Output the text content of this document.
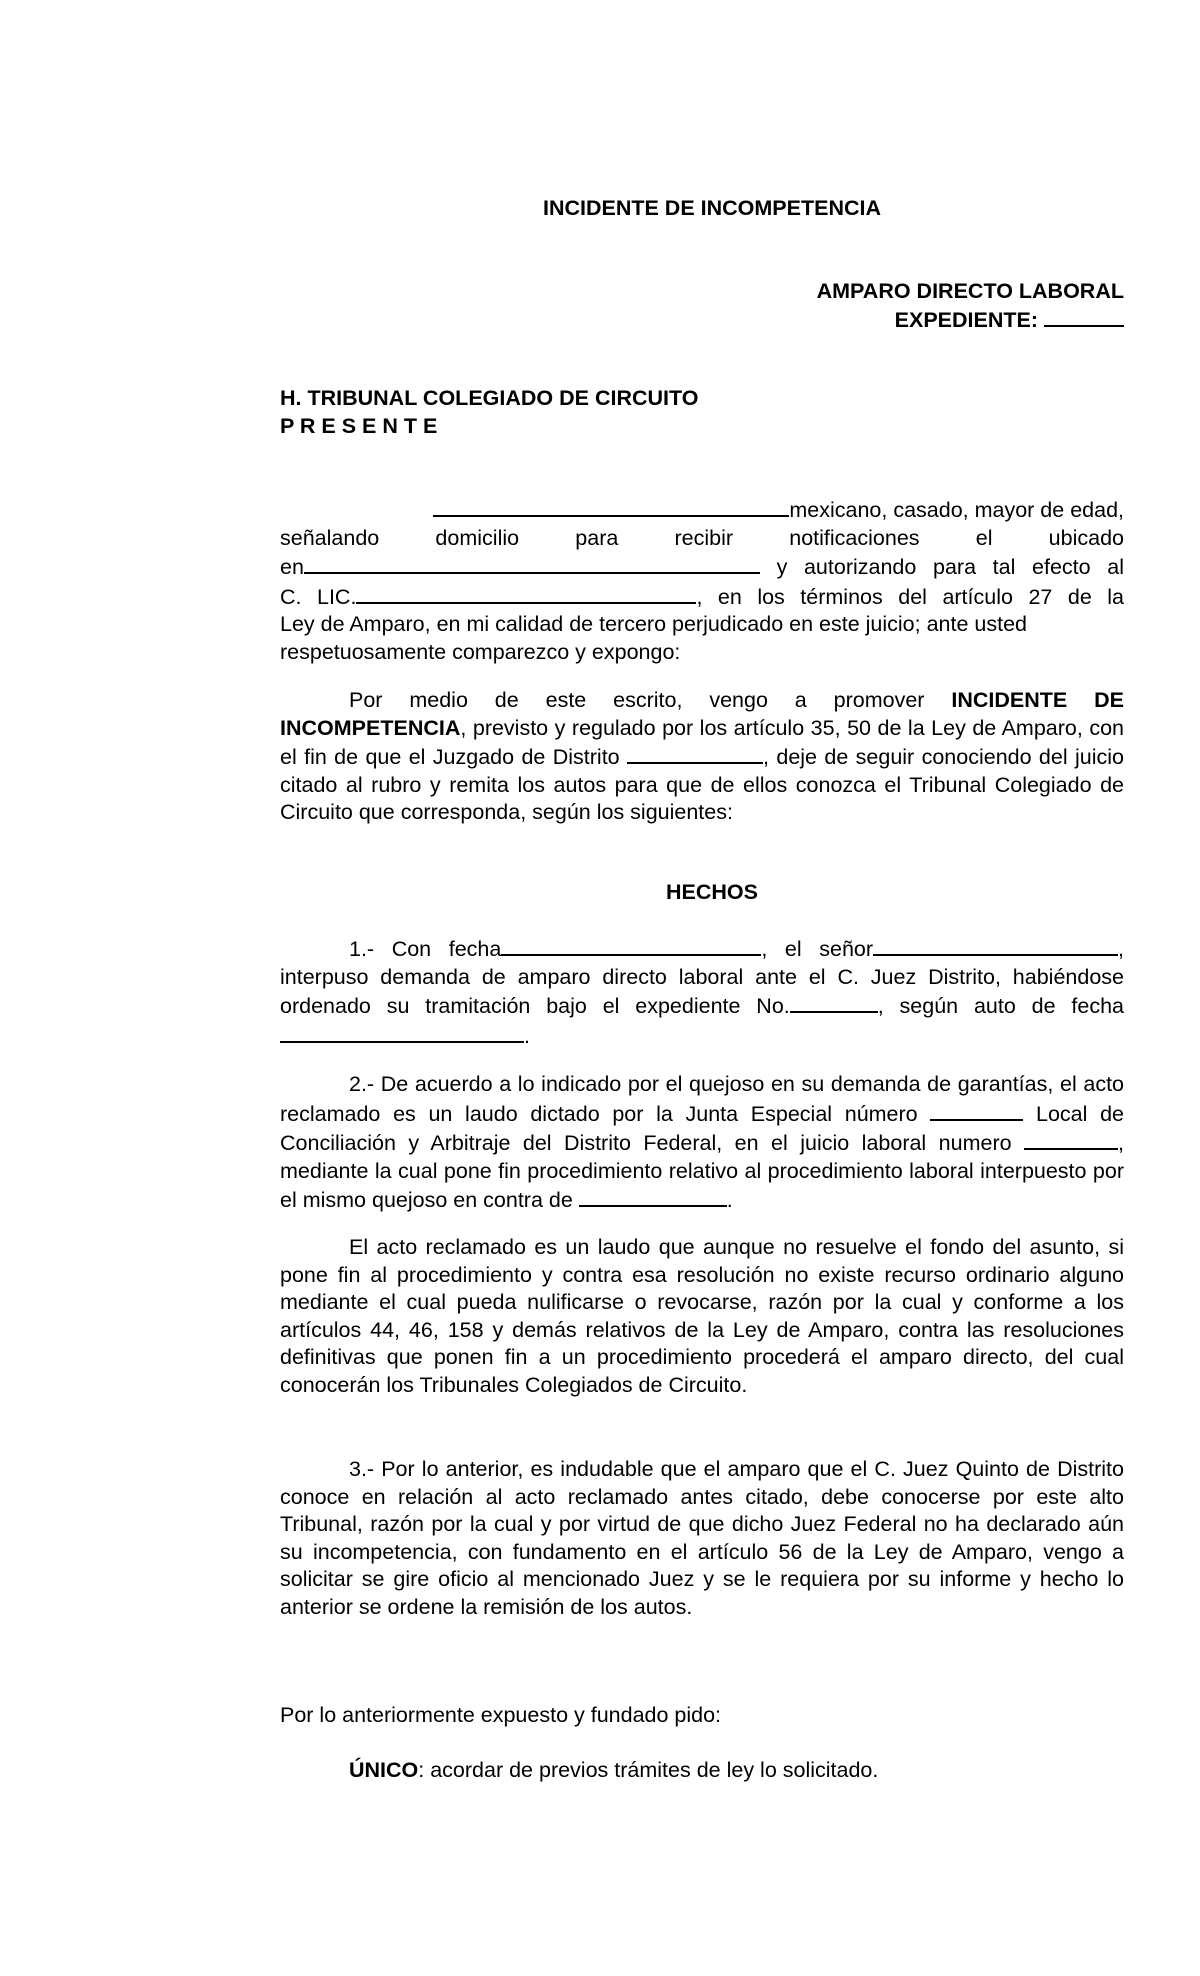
INCIDENTE DE INCOMPETENCIA
AMPARO DIRECTO LABORAL
EXPEDIENTE:
H. TRIBUNAL COLEGIADO DE CIRCUITO
P R E S E N T E
mexicano, casado, mayor de edad,
señalando domicilio para recibir notificaciones el ubicado
en	y autorizando para tal efecto al
C. LIC.	, en los términos del artículo 27 de la
Ley de Amparo, en mi calidad de tercero perjudicado en este juicio; ante usted
respetuosamente comparezco y expongo:
Por medio de este escrito, vengo a promover INCIDENTE DE INCOMPETENCIA, previsto y regulado por los artículo 35, 50 de la Ley de Amparo, con el fin de que el Juzgado de Distrito	, deje de seguir conociendo del juicio citado al rubro y remita los autos para que de ellos conozca el Tribunal Colegiado de Circuito que corresponda, según los siguientes:
HECHOS
1.- Con fecha	, el señor	, interpuso demanda de amparo directo laboral ante el C. Juez Distrito, habiéndose ordenado su tramitación bajo el expediente No.	, según auto de fecha.
2.- De acuerdo a lo indicado por el quejoso en su demanda de garantías, el acto reclamado es un laudo dictado por la Junta Especial número	Local de Conciliación y Arbitraje del Distrito Federal, en el juicio laboral numero	, mediante la cual pone fin procedimiento relativo al procedimiento laboral interpuesto por el mismo quejoso en contra de	.
El acto reclamado es un laudo que aunque no resuelve el fondo del asunto, si pone fin al procedimiento y contra esa resolución no existe recurso ordinario alguno mediante el cual pueda nulificarse o revocarse, razón por la cual y conforme a los artículos 44, 46, 158 y demás relativos de la Ley de Amparo, contra las resoluciones definitivas que ponen fin a un procedimiento procederá el amparo directo, del cual conocerán los Tribunales Colegiados de Circuito.
3.- Por lo anterior, es indudable que el amparo que el C. Juez Quinto de Distrito conoce en relación al acto reclamado antes citado, debe conocerse por este alto Tribunal, razón por la cual y por virtud de que dicho Juez Federal no ha declarado aún su incompetencia, con fundamento en el artículo 56 de la Ley de Amparo, vengo a solicitar se gire oficio al mencionado Juez y se le requiera por su informe y hecho lo anterior se ordene la remisión de los autos.
Por lo anteriormente expuesto y fundado pido:
ÚNICO: acordar de previos trámites de ley lo solicitado.
